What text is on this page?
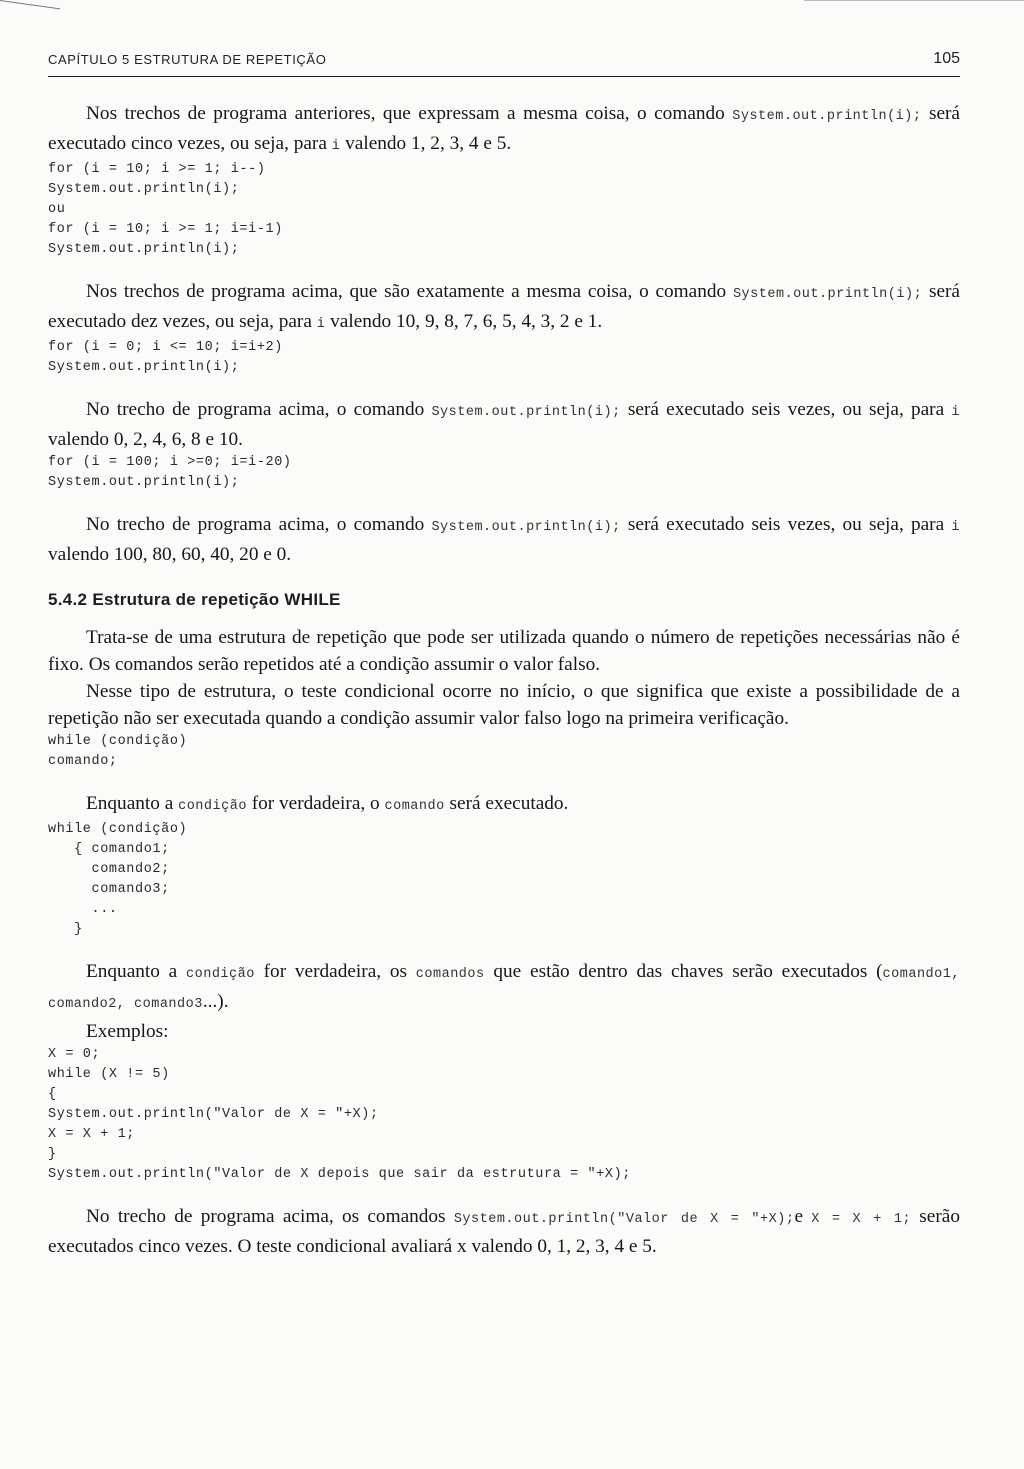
CAPÍTULO 5 ESTRUTURA DE REPETIÇÃO	105

Nos trechos de programa anteriores, que expressam a mesma coisa, o comando System.out.println(i); será executado cinco vezes, ou seja, para i valendo 1, 2, 3, 4 e 5.

for (i = 10; i >= 1; i--)
System.out.println(i);
ou
for (i = 10; i >= 1; i=i-1)
System.out.println(i);

Nos trechos de programa acima, que são exatamente a mesma coisa, o comando System.out.println(i); será executado dez vezes, ou seja, para i valendo 10, 9, 8, 7, 6, 5, 4, 3, 2 e 1.

for (i = 0; i <= 10; i=i+2)
System.out.println(i);

No trecho de programa acima, o comando System.out.println(i); será executado seis vezes, ou seja, para i valendo 0, 2, 4, 6, 8 e 10.

for (i = 100; i >=0; i=i-20)
System.out.println(i);

No trecho de programa acima, o comando System.out.println(i); será executado seis vezes, ou seja, para i valendo 100, 80, 60, 40, 20 e 0.

5.4.2 Estrutura de repetição WHILE

Trata-se de uma estrutura de repetição que pode ser utilizada quando o número de repetições necessárias não é fixo. Os comandos serão repetidos até a condição assumir o valor falso.

Nesse tipo de estrutura, o teste condicional ocorre no início, o que significa que existe a possibilidade de a repetição não ser executada quando a condição assumir valor falso logo na primeira verificação.

while (condição)
comando;

Enquanto a condição for verdadeira, o comando será executado.

while (condição)
{ comando1;
comando2;
comando3;
...
}

Enquanto a condição for verdadeira, os comandos que estão dentro das chaves serão executados (comando1, comando2, comando3...).

Exemplos:

X = 0;
while (X != 5)
{
System.out.println("Valor de X = "+X);
X = X + 1;
}
System.out.println("Valor de X depois que sair da estrutura = "+X);

No trecho de programa acima, os comandos System.out.println("Valor de X = "+X);e X = X + 1; serão executados cinco vezes. O teste condicional avaliará x valendo 0, 1, 2, 3, 4 e 5.
